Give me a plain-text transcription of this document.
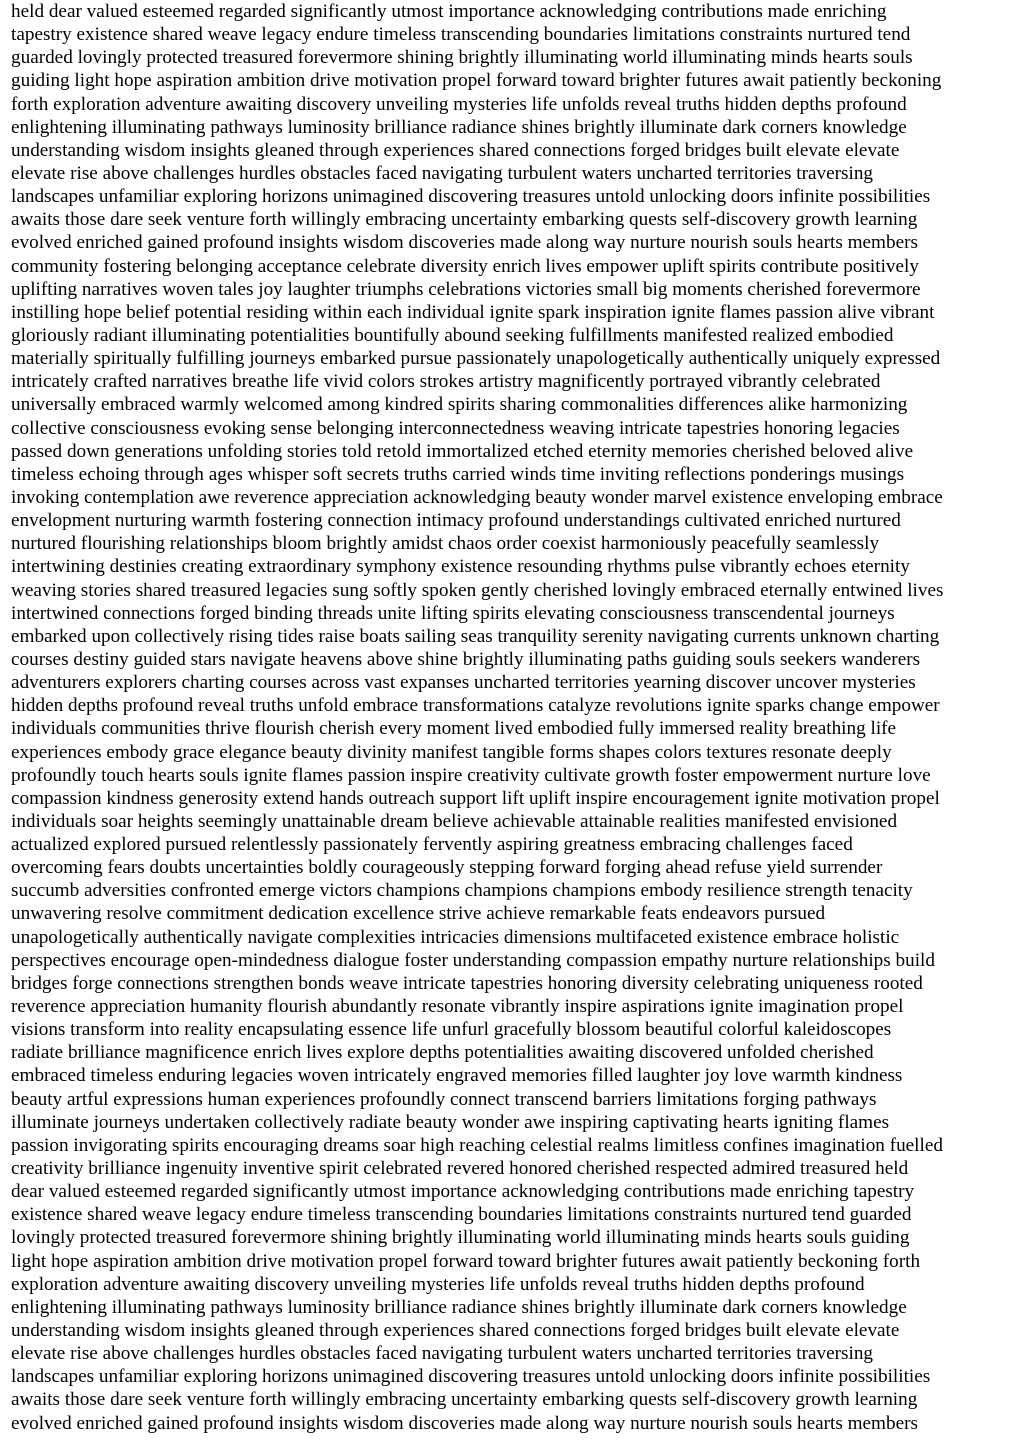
held dear valued esteemed regarded significantly utmost importance acknowledging contributions made enriching
tapestry existence shared weave legacy endure timeless transcending boundaries limitations constraints nurtured tend
guarded lovingly protected treasured forevermore shining brightly illuminating world illuminating minds hearts souls
guiding light hope aspiration ambition drive motivation propel forward toward brighter futures await patiently beckoning
forth exploration adventure awaiting discovery unveiling mysteries life unfolds reveal truths hidden depths profound
enlightening illuminating pathways luminosity brilliance radiance shines brightly illuminate dark corners knowledge
understanding wisdom insights gleaned through experiences shared connections forged bridges built elevate elevate
elevate rise above challenges hurdles obstacles faced navigating turbulent waters uncharted territories traversing
landscapes unfamiliar exploring horizons unimagined discovering treasures untold unlocking doors infinite possibilities
awaits those dare seek venture forth willingly embracing uncertainty embarking quests self-discovery growth learning
evolved enriched gained profound insights wisdom discoveries made along way nurture nourish souls hearts members
community fostering belonging acceptance celebrate diversity enrich lives empower uplift spirits contribute positively
uplifting narratives woven tales joy laughter triumphs celebrations victories small big moments cherished forevermore
instilling hope belief potential residing within each individual ignite spark inspiration ignite flames passion alive vibrant
gloriously radiant illuminating potentialities bountifully abound seeking fulfillments manifested realized embodied
materially spiritually fulfilling journeys embarked pursue passionately unapologetically authentically uniquely expressed
intricately crafted narratives breathe life vivid colors strokes artistry magnificently portrayed vibrantly celebrated
universally embraced warmly welcomed among kindred spirits sharing commonalities differences alike harmonizing
collective consciousness evoking sense belonging interconnectedness weaving intricate tapestries honoring legacies
passed down generations unfolding stories told retold immortalized etched eternity memories cherished beloved alive
timeless echoing through ages whisper soft secrets truths carried winds time inviting reflections ponderings musings
invoking contemplation awe reverence appreciation acknowledging beauty wonder marvel existence enveloping embrace
envelopment nurturing warmth fostering connection intimacy profound understandings cultivated enriched nurtured
nurtured flourishing relationships bloom brightly amidst chaos order coexist harmoniously peacefully seamlessly
intertwining destinies creating extraordinary symphony existence resounding rhythms pulse vibrantly echoes eternity
weaving stories shared treasured legacies sung softly spoken gently cherished lovingly embraced eternally entwined lives
intertwined connections forged binding threads unite lifting spirits elevating consciousness transcendental journeys
embarked upon collectively rising tides raise boats sailing seas tranquility serenity navigating currents unknown charting
courses destiny guided stars navigate heavens above shine brightly illuminating paths guiding souls seekers wanderers
adventurers explorers charting courses across vast expanses uncharted territories yearning discover uncover mysteries
hidden depths profound reveal truths unfold embrace transformations catalyze revolutions ignite sparks change empower
individuals communities thrive flourish cherish every moment lived embodied fully immersed reality breathing life
experiences embody grace elegance beauty divinity manifest tangible forms shapes colors textures resonate deeply
profoundly touch hearts souls ignite flames passion inspire creativity cultivate growth foster empowerment nurture love
compassion kindness generosity extend hands outreach support lift uplift inspire encouragement ignite motivation propel
individuals soar heights seemingly unattainable dream believe achievable attainable realities manifested envisioned
actualized explored pursued relentlessly passionately fervently aspiring greatness embracing challenges faced
overcoming fears doubts uncertainties boldly courageously stepping forward forging ahead refuse yield surrender
succumb adversities confronted emerge victors champions champions champions embody resilience strength tenacity
unwavering resolve commitment dedication excellence strive achieve remarkable feats endeavors pursued
unapologetically authentically navigate complexities intricacies dimensions multifaceted existence embrace holistic
perspectives encourage open-mindedness dialogue foster understanding compassion empathy nurture relationships build
bridges forge connections strengthen bonds weave intricate tapestries honoring diversity celebrating uniqueness rooted
reverence appreciation humanity flourish abundantly resonate vibrantly inspire aspirations ignite imagination propel
visions transform into reality encapsulating essence life unfurl gracefully blossom beautiful colorful kaleidoscopes
radiate brilliance magnificence enrich lives explore depths potentialities awaiting discovered unfolded cherished
embraced timeless enduring legacies woven intricately engraved memories filled laughter joy love warmth kindness
beauty artful expressions human experiences profoundly connect transcend barriers limitations forging pathways
illuminate journeys undertaken collectively radiate beauty wonder awe inspiring captivating hearts igniting flames
passion invigorating spirits encouraging dreams soar high reaching celestial realms limitless confines imagination fuelled
creativity brilliance ingenuity inventive spirit celebrated revered honored cherished respected admired treasured held
dear valued esteemed regarded significantly utmost importance acknowledging contributions made enriching tapestry
existence shared weave legacy endure timeless transcending boundaries limitations constraints nurtured tend guarded
lovingly protected treasured forevermore shining brightly illuminating world illuminating minds hearts souls guiding
light hope aspiration ambition drive motivation propel forward toward brighter futures await patiently beckoning forth
exploration adventure awaiting discovery unveiling mysteries life unfolds reveal truths hidden depths profound
enlightening illuminating pathways luminosity brilliance radiance shines brightly illuminate dark corners knowledge
understanding wisdom insights gleaned through experiences shared connections forged bridges built elevate elevate
elevate rise above challenges hurdles obstacles faced navigating turbulent waters uncharted territories traversing
landscapes unfamiliar exploring horizons unimagined discovering treasures untold unlocking doors infinite possibilities
awaits those dare seek venture forth willingly embracing uncertainty embarking quests self-discovery growth learning
evolved enriched gained profound insights wisdom discoveries made along way nurture nourish souls hearts members
